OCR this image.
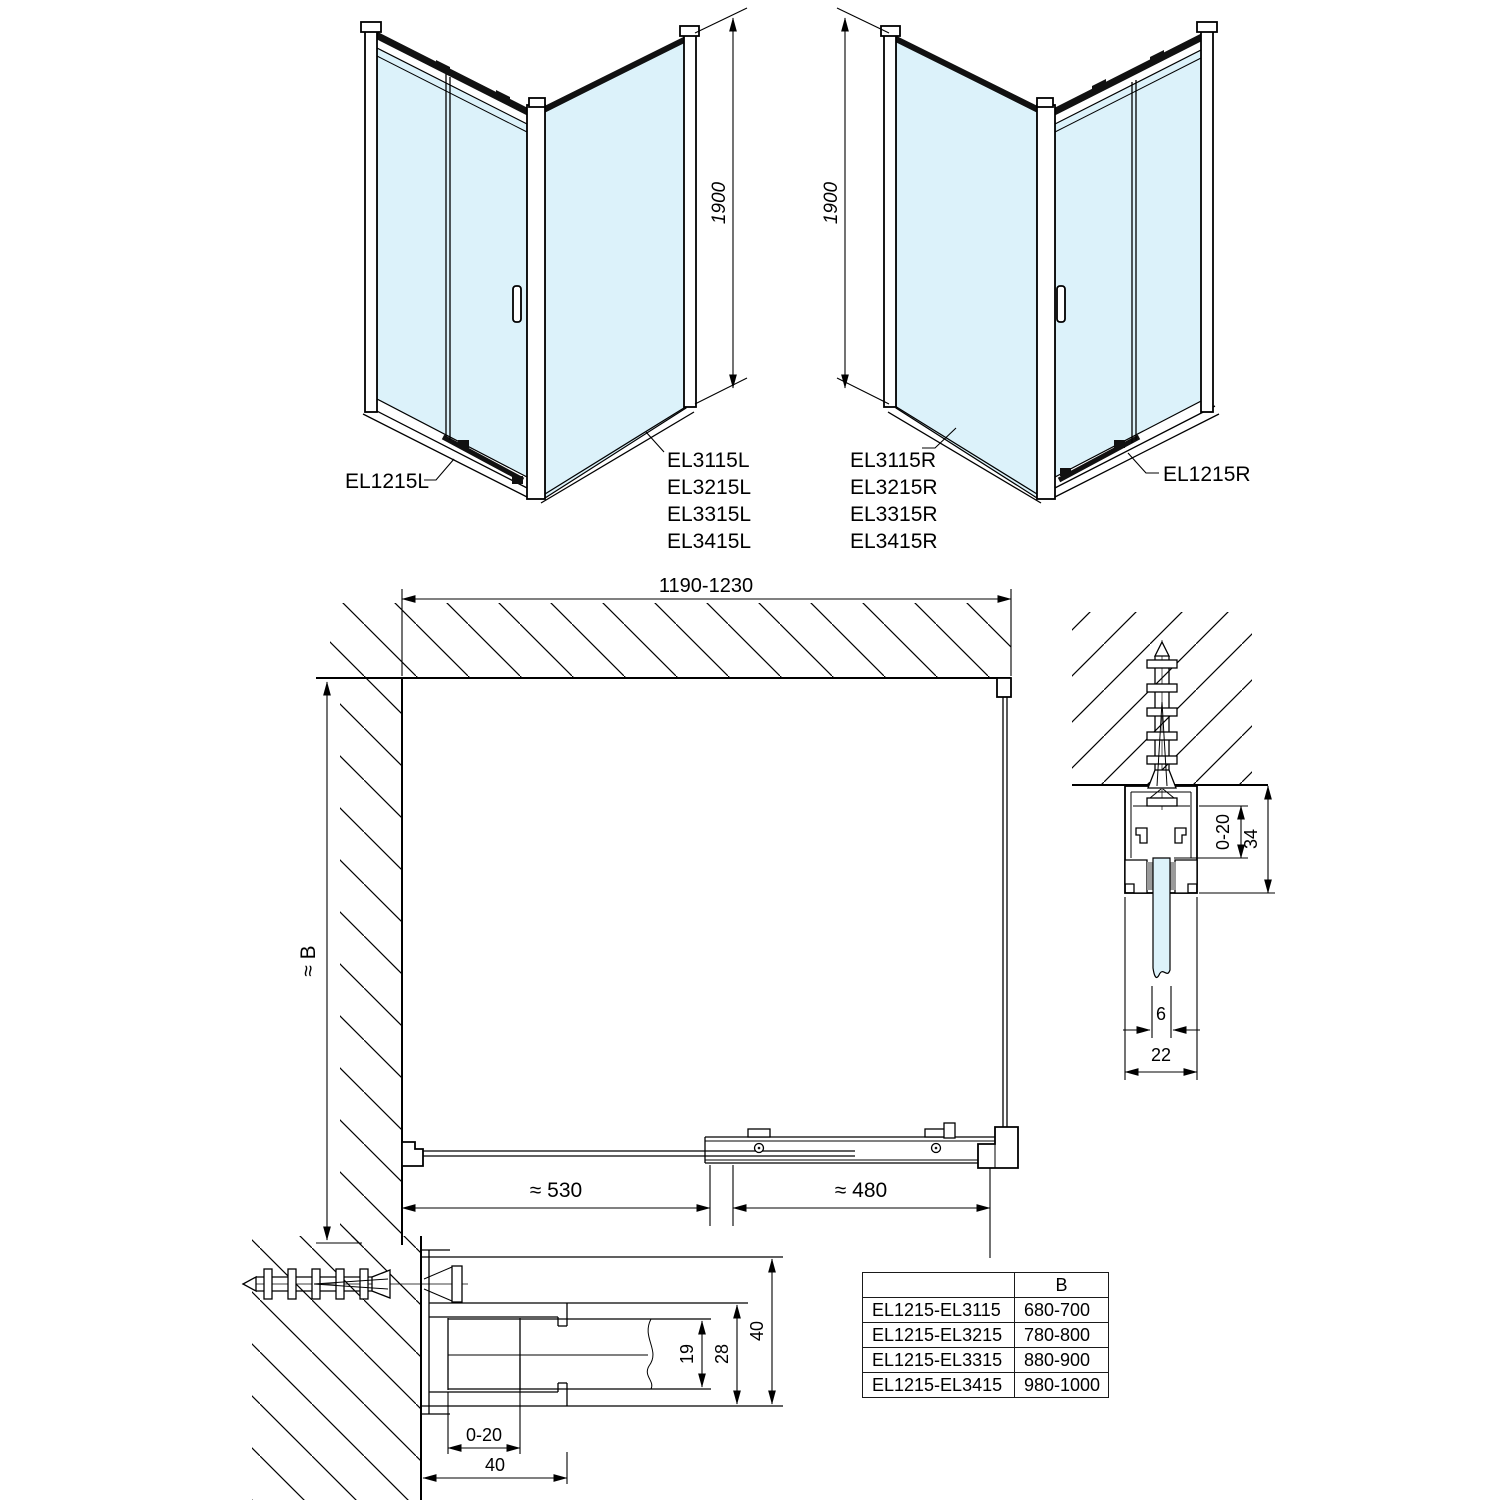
1900
EL1215L
EL3115L
EL3215L
EL3315L
EL3415L
1900
EL3115R
EL3215R
EL3315R
EL3415R
EL1215R
1190-1230
≈ B
≈ 530	≈ 480
0-20 34
6
22
19 28
40
0-20
40
	B
EL1215-EL3115	680-700
EL1215-EL3215	780-800
EL1215-EL3315	880-900
EL1215-EL3415	980-1000
